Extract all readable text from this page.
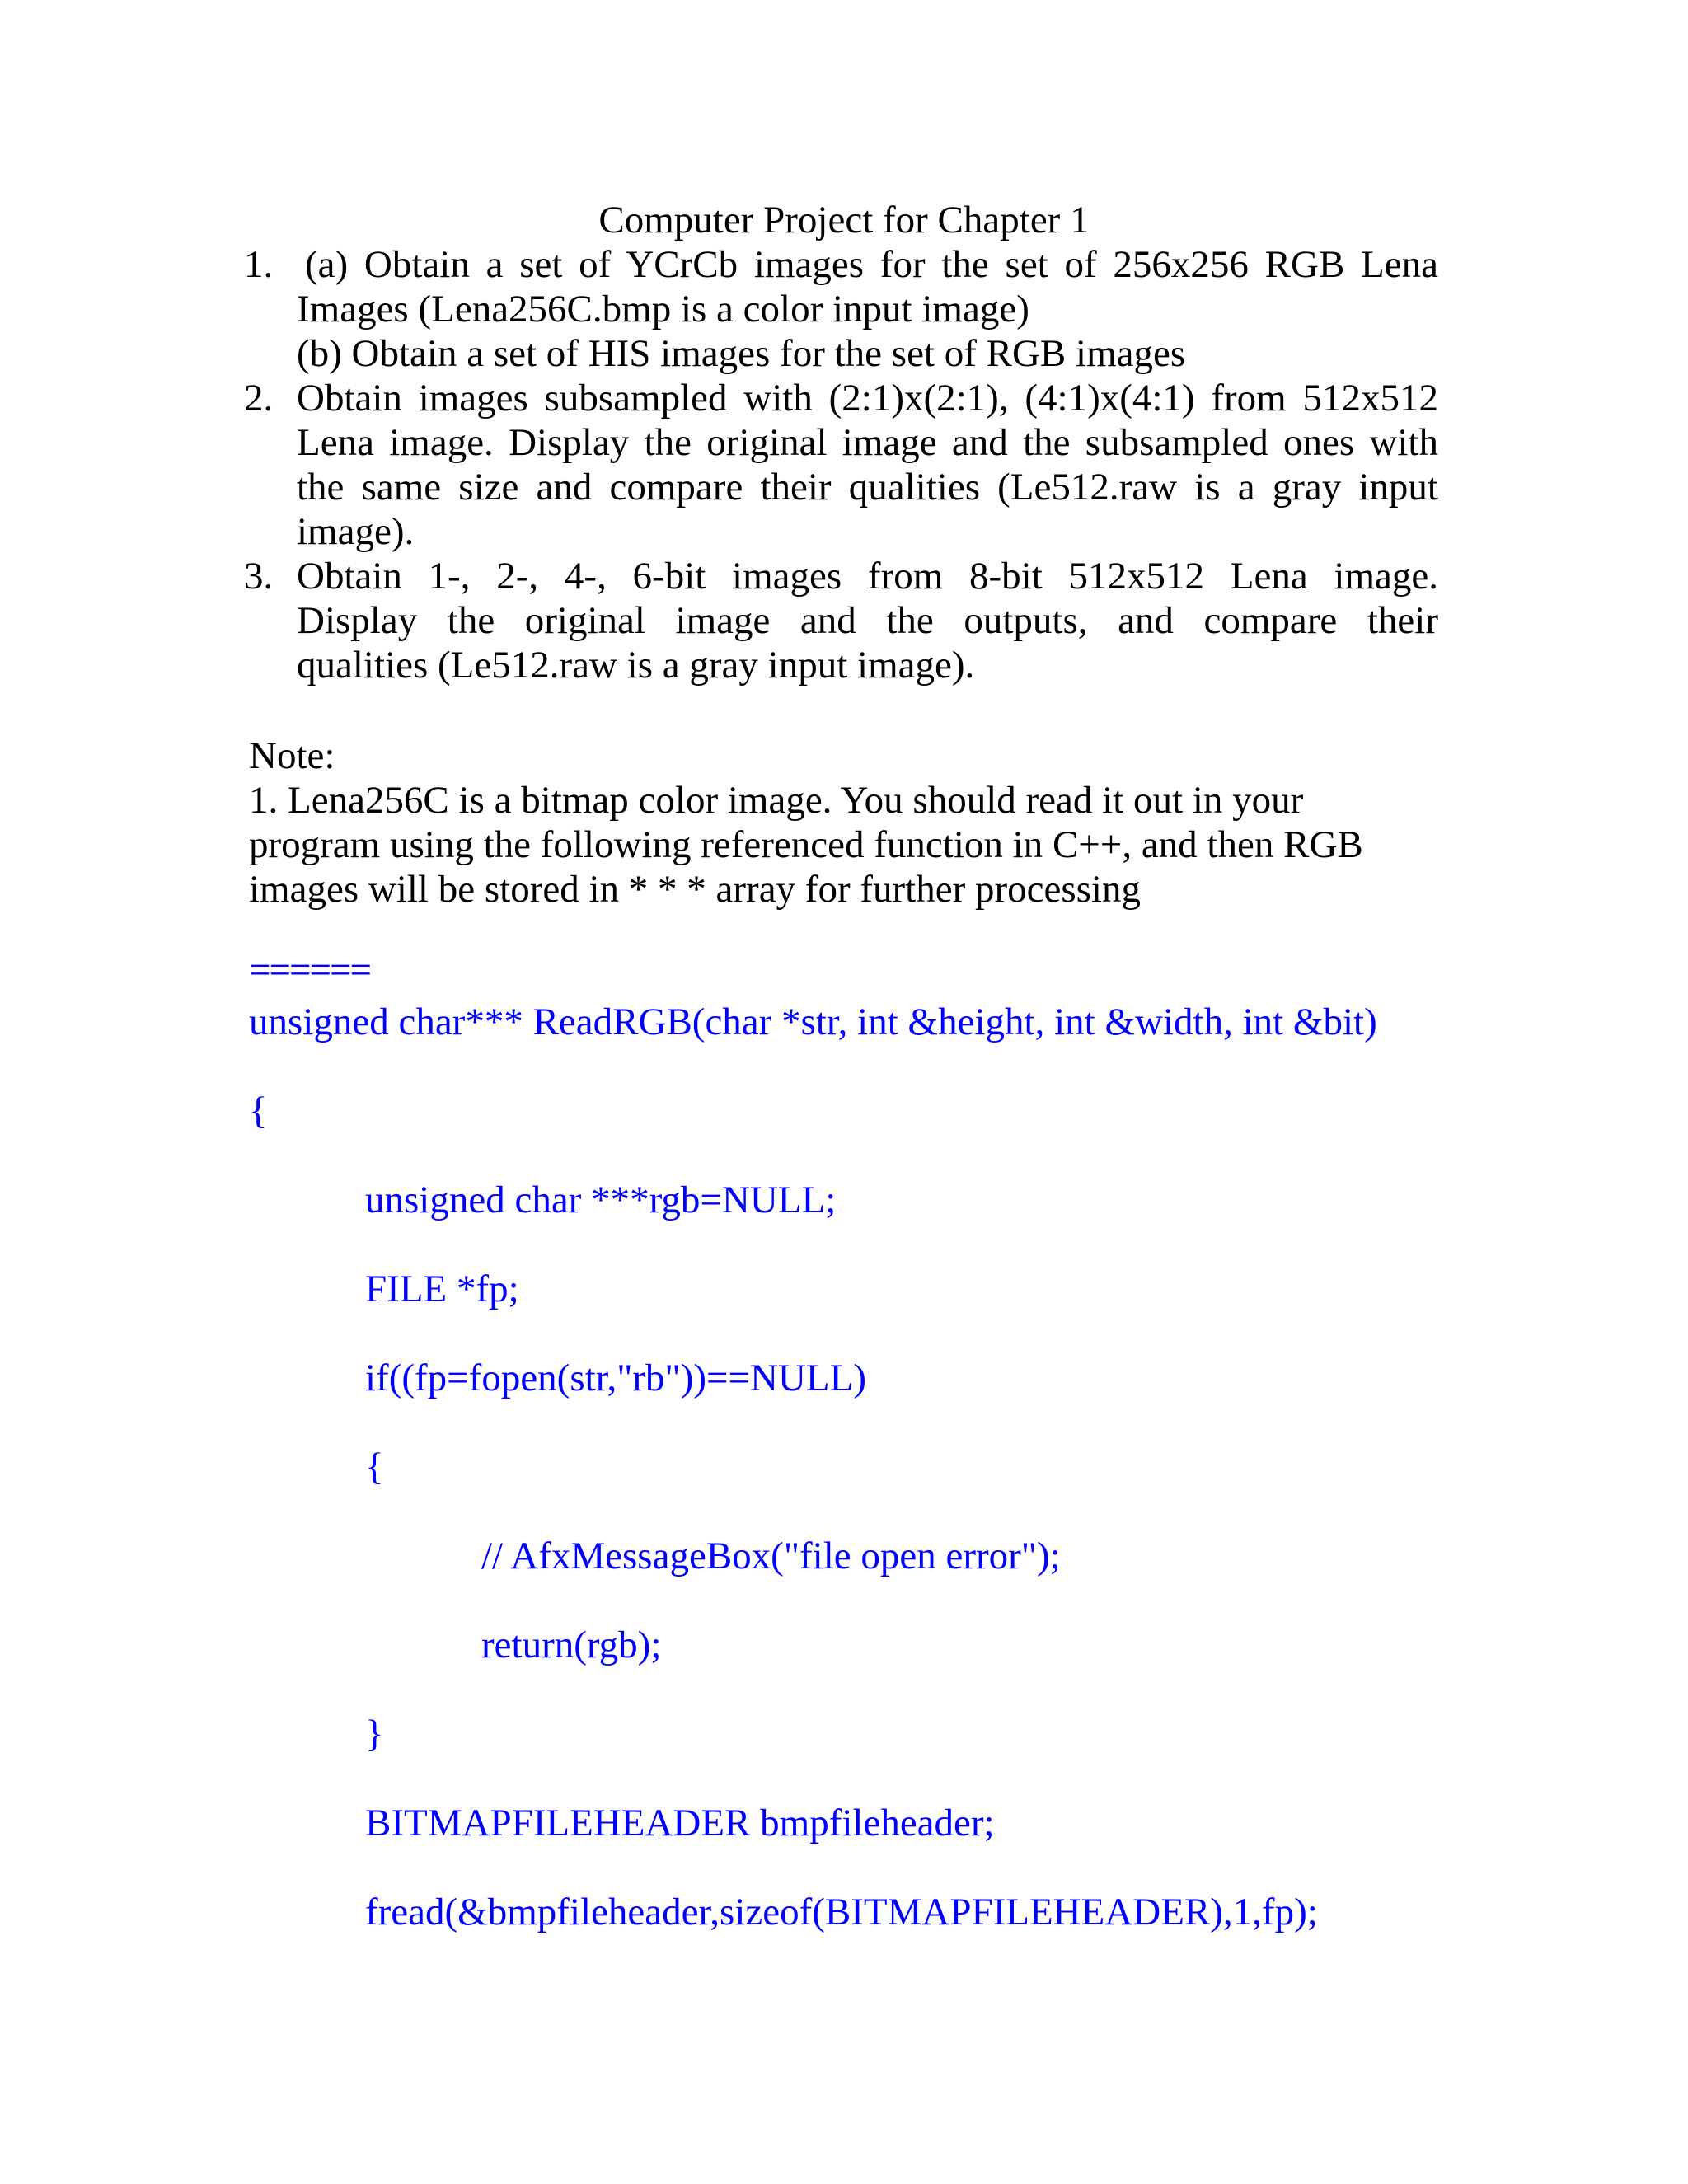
Computer Project for Chapter 1
1. (a) Obtain a set of YCrCb images for the set of 256x256 RGB Lena
Images (Lena256C.bmp is a color input image)
(b) Obtain a set of HIS images for the set of RGB images
2. Obtain images subsampled with (2:1)x(2:1), (4:1)x(4:1) from 512x512
Lena image. Display the original image and the subsampled ones with
the same size and compare their qualities (Le512.raw is a gray input
image).
3. Obtain 1-, 2-, 4-, 6-bit images from 8-bit 512x512 Lena image.
Display the original image and the outputs, and compare their
qualities (Le512.raw is a gray input image).
Note:
1. Lena256C is a bitmap color image. You should read it out in your
program using the following referenced function in C++, and then RGB
images will be stored in * * * array for further processing
======
unsigned char*** ReadRGB(char *str, int &height, int &width, int &bit)
{
unsigned char ***rgb=NULL;
FILE *fp;
if((fp=fopen(str,"rb"))==NULL)
{
// AfxMessageBox("file open error");
return(rgb);
}
BITMAPFILEHEADER bmpfileheader;
fread(&bmpfileheader,sizeof(BITMAPFILEHEADER),1,fp);
